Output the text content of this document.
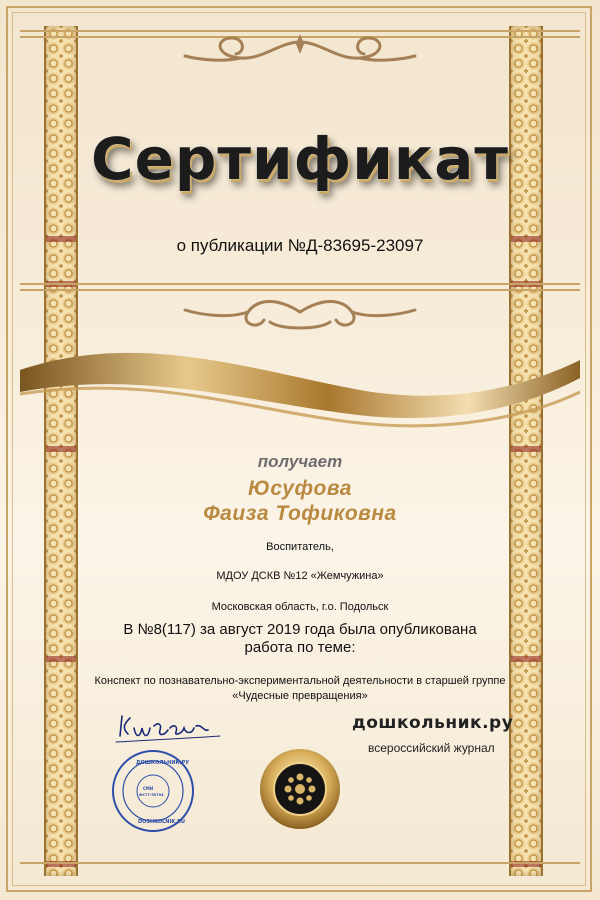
Сертификат
о публикации №Д-83695-23097
получает
Юсуфова
Фаиза Тофиковна
Воспитатель,
МДОУ ДСКВ №12 «Жемчужина»
Московская область, г.о. Подольск
В №8(117) за август 2019 года была опубликована работа по теме:
Конспект по познавательно-экспериментальной деятельности в старшей группе «Чудесные превращения»
дошкольник.ру
всероссийский журнал
ДОШКОЛЬНИК.РУ
DOSHKOLNIK.RU
СМИ
ФС77-55794
